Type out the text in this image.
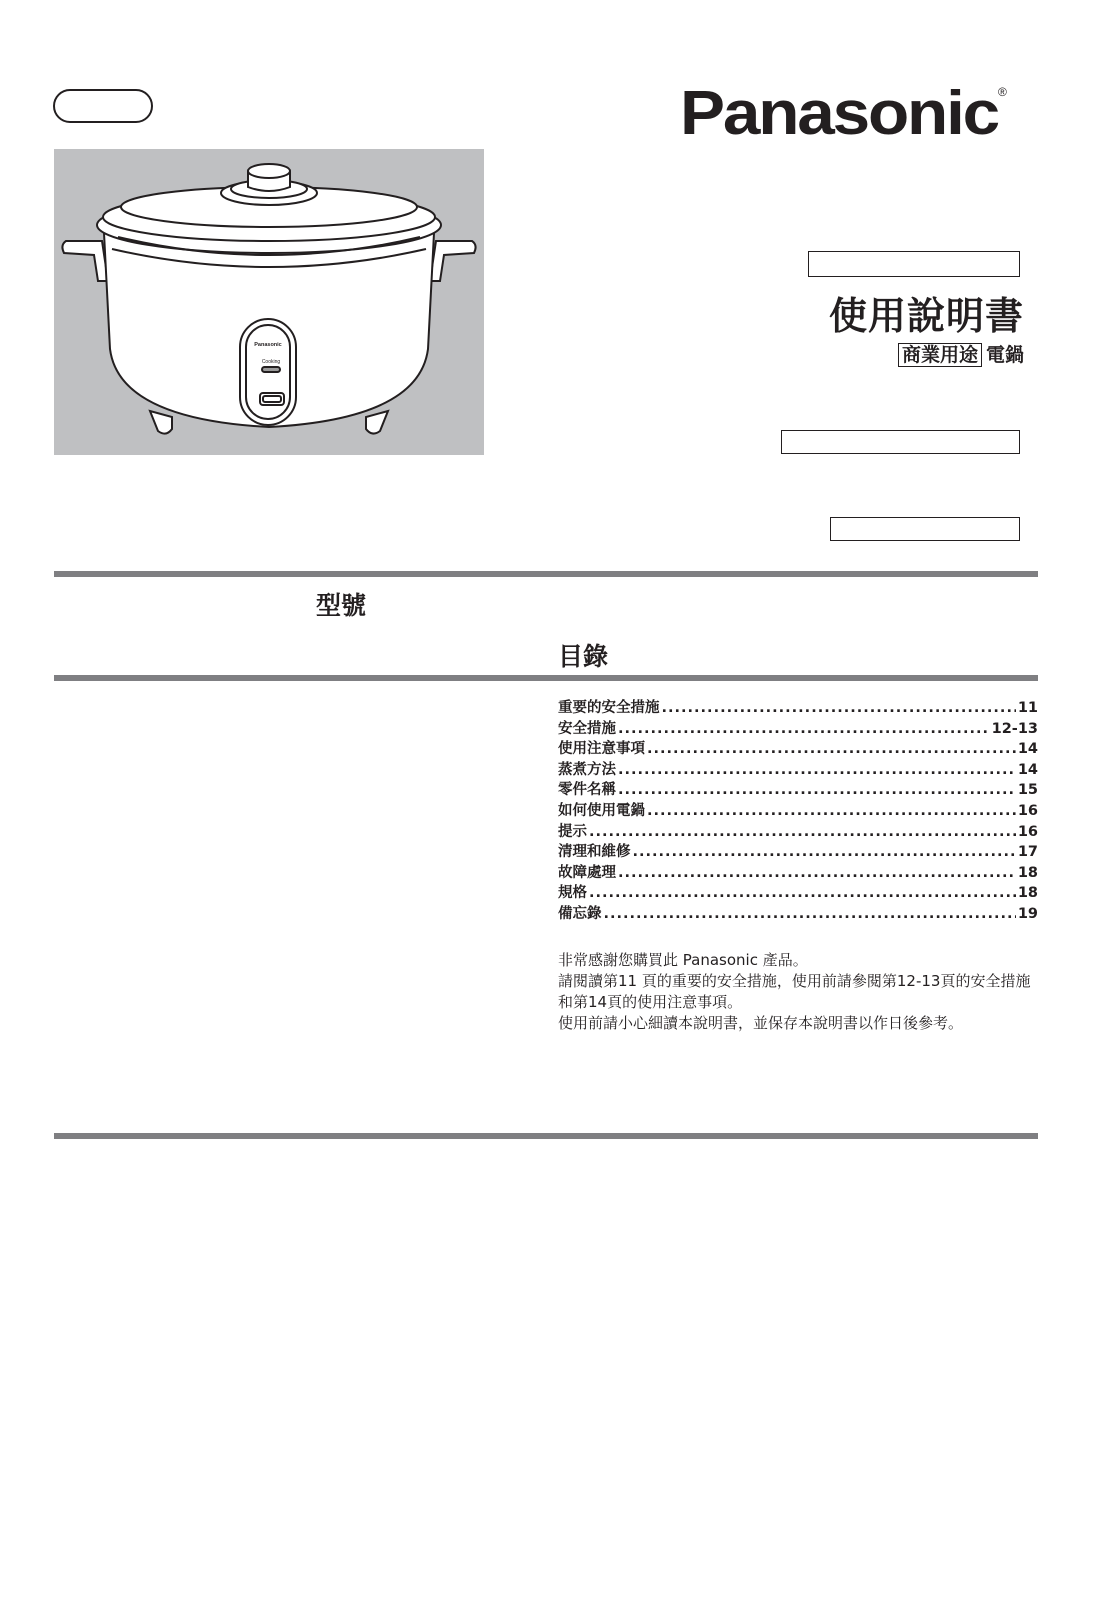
Panasonic ®
Panasonic
Cooking
使用說明書
商業用途 電鍋
型號
目錄
重要的安全措施 .....	11
安全措施 .....	12-13
使用注意事項 .....	14
蒸煮方法 .....	14
零件名稱 .....	15
如何使用電鍋 .....	16
提示 .....	16
清理和維修 .....	17
故障處理 .....	18
規格 .....	18
備忘錄 .....	19

非常感謝您購買此 Panasonic 產品。

請閱讀第11 頁的重要的安全措施，使用前請參閱第12-13頁的安全措施和第14頁的使用注意事項。

使用前請小心細讀本說明書，並保存本說明書以作日後參考。
